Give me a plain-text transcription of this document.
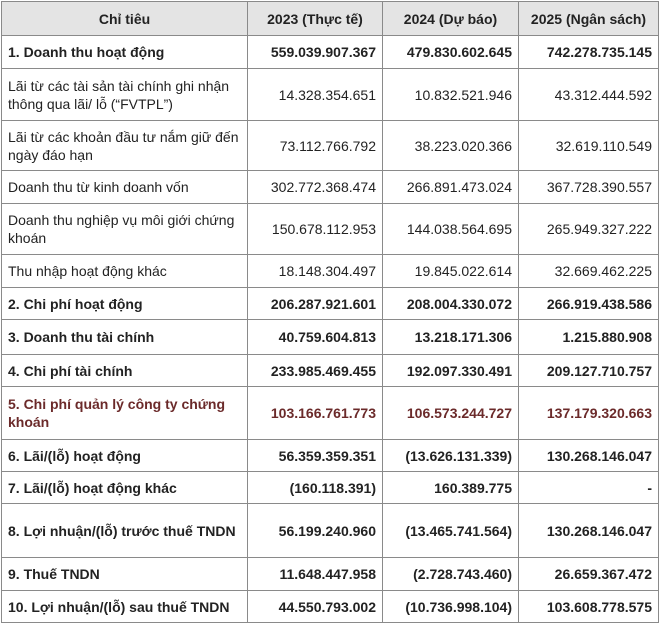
Chỉ tiêu	2023 (Thực tế)	2024 (Dự báo)	2025 (Ngân sách)
1. Doanh thu hoạt động	559.039.907.367	479.830.602.645	742.278.735.145
Lãi từ các tài sản tài chính ghi nhận thông qua lãi/ lỗ (“FVTPL”)	14.328.354.651	10.832.521.946	43.312.444.592
Lãi từ các khoản đầu tư nắm giữ đến ngày đáo hạn	73.112.766.792	38.223.020.366	32.619.110.549
Doanh thu từ kinh doanh vốn	302.772.368.474	266.891.473.024	367.728.390.557
Doanh thu nghiệp vụ môi giới chứng khoán	150.678.112.953	144.038.564.695	265.949.327.222
Thu nhập hoạt động khác	18.148.304.497	19.845.022.614	32.669.462.225
2. Chi phí hoạt động	206.287.921.601	208.004.330.072	266.919.438.586
3. Doanh thu tài chính	40.759.604.813	13.218.171.306	1.215.880.908
4. Chi phí tài chính	233.985.469.455	192.097.330.491	209.127.710.757
5. Chi phí quản lý công ty chứng khoán	103.166.761.773	106.573.244.727	137.179.320.663
6. Lãi/(lỗ) hoạt động	56.359.359.351	(13.626.131.339)	130.268.146.047
7. Lãi/(lỗ) hoạt động khác	(160.118.391)	160.389.775	-
8. Lợi nhuận/(lỗ) trước thuế TNDN	56.199.240.960	(13.465.741.564)	130.268.146.047
9. Thuế TNDN	11.648.447.958	(2.728.743.460)	26.659.367.472
10. Lợi nhuận/(lỗ) sau thuế TNDN	44.550.793.002	(10.736.998.104)	103.608.778.575
